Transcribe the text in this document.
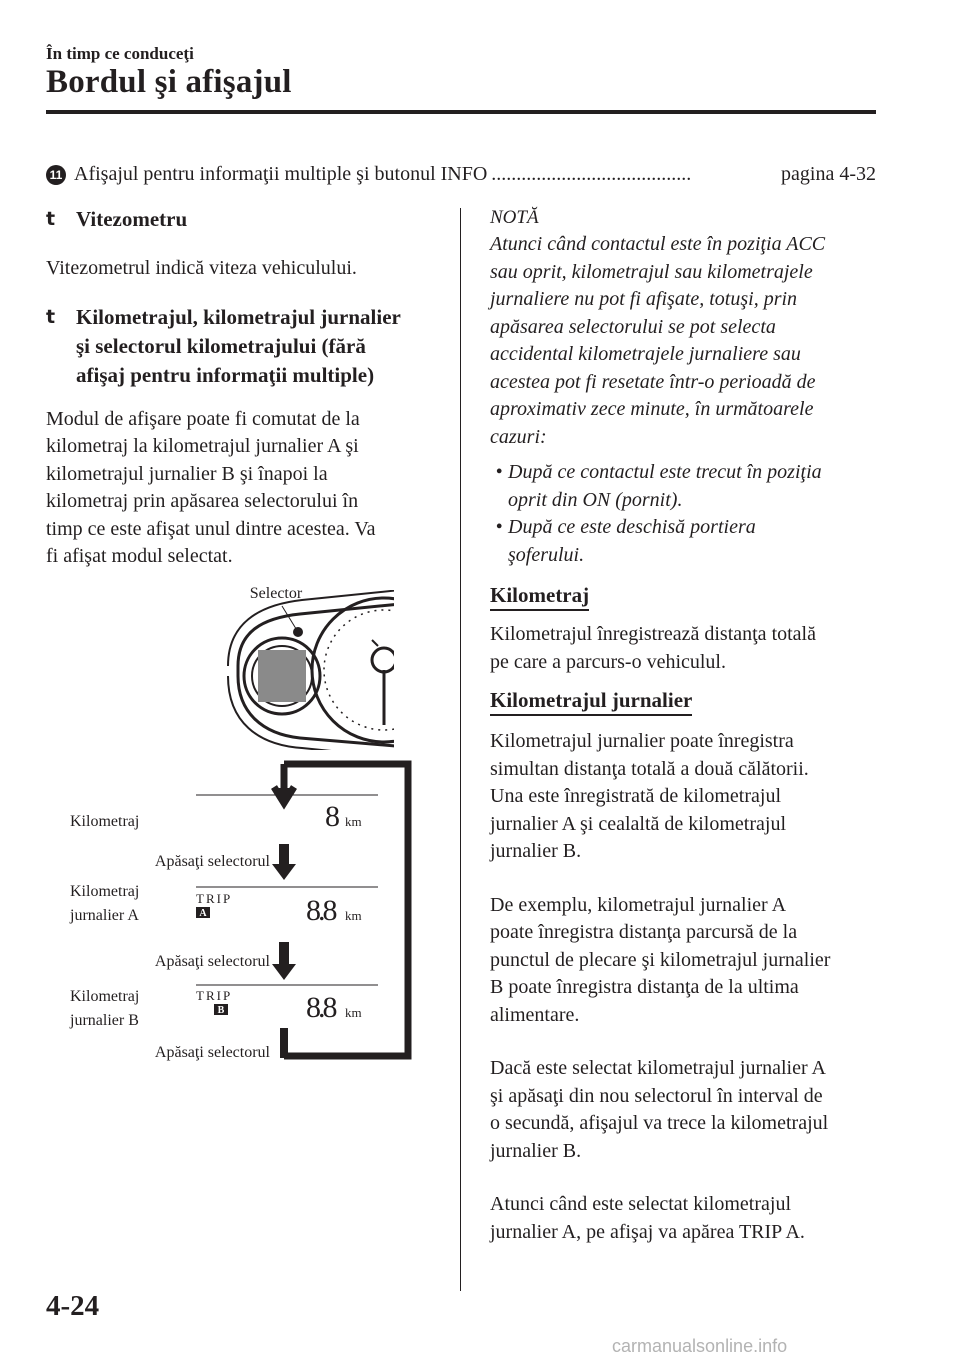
În timp ce conduceţi
Bordul şi afişajul
11 Afişajul pentru informaţii multiple şi butonul INFO ........................................	pagina 4-32
t Vitezometru

Vitezometrul indică viteza vehiculului.

t Kilometrajul, kilometrajul jurnalier
şi selectorul kilometrajului (fără
afişaj pentru informaţii multiple)

Modul de afişare poate fi comutat de la

kilometraj la kilometrajul jurnalier A şi

kilometrajul jurnalier B şi înapoi la

kilometraj prin apăsarea selectorului în

timp ce este afişat unul dintre acestea. Va

fi afişat modul selectat.

Selector
Kilometraj	8 km
Apăsaţi selectorul
Kilometraj
jurnalier A
TRIP
A	8.8 km
Apăsaţi selectorul
Kilometraj
jurnalier B
TRIP
B	8.8 km
Apăsaţi selectorul
NOTĂ
Atunci când contactul este în poziţia ACC
sau oprit, kilometrajul sau kilometrajele
jurnaliere nu pot fi afişate, totuşi, prin
apăsarea selectorului se pot selecta
accidental kilometrajele jurnaliere sau
acestea pot fi resetate într-o perioadă de
aproximativ zece minute, în următoarele
cazuri:
• După ce contactul este trecut în poziţia
oprit din ON (pornit).
• După ce este deschisă portiera
şoferului.
Kilometraj

Kilometrajul înregistrează distanţa totală

pe care a parcurs-o vehiculul.

Kilometrajul jurnalier

Kilometrajul jurnalier poate înregistra

simultan distanţa totală a două călătorii.

Una este înregistrată de kilometrajul

jurnalier A şi cealaltă de kilometrajul

jurnalier B.

De exemplu, kilometrajul jurnalier A

poate înregistra distanţa parcursă de la

punctul de plecare şi kilometrajul jurnalier

B poate înregistra distanţa de la ultima

alimentare.

Dacă este selectat kilometrajul jurnalier A

şi apăsaţi din nou selectorul în interval de

o secundă, afişajul va trece la kilometrajul

jurnalier B.

Atunci când este selectat kilometrajul

jurnalier A, pe afişaj va apărea TRIP A.

4-24
carmanualsonline.info
